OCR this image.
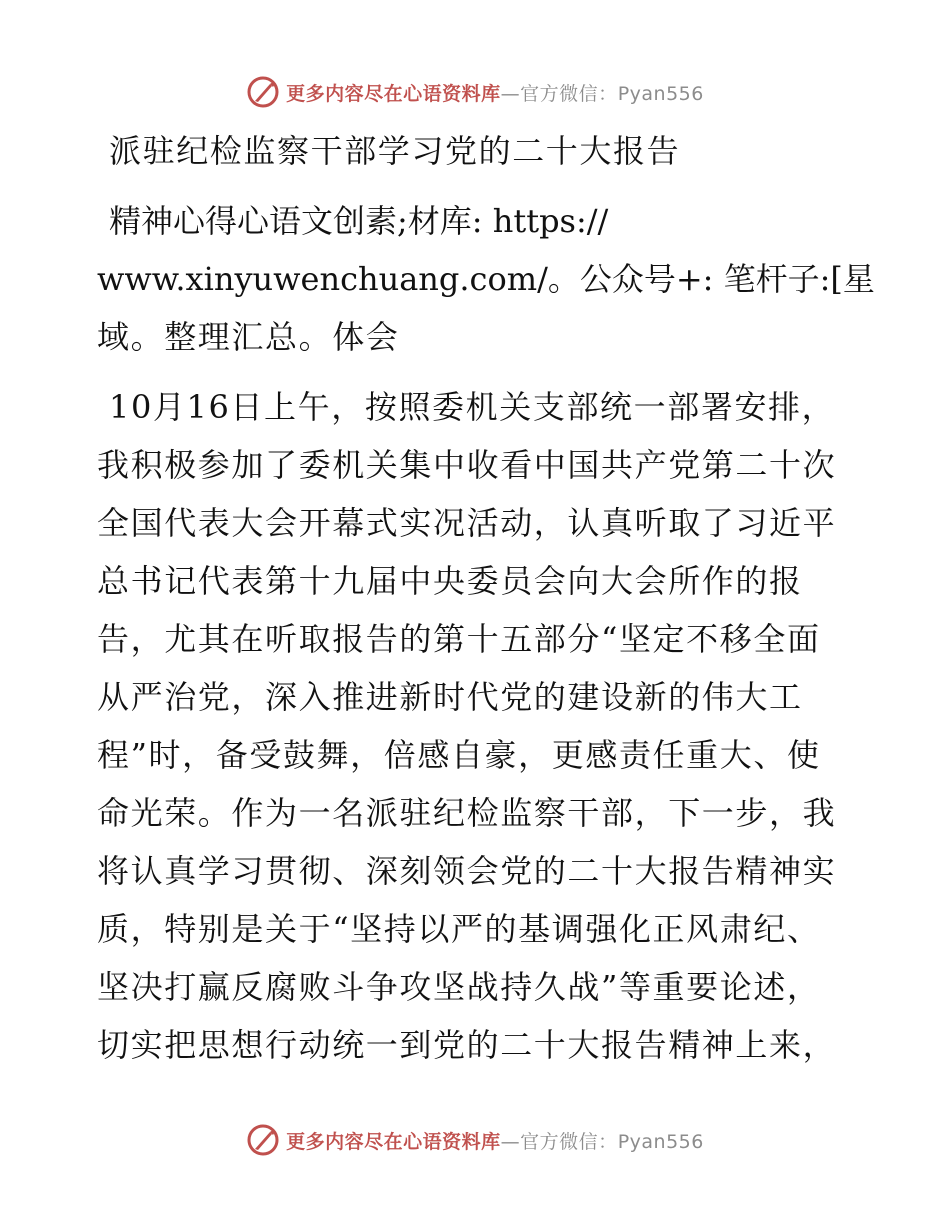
更多内容尽在心语资料库—官方微信：Pyan556
派驻纪检监察干部学习党的二十大报告
精神心得心语文创素;材库: https://
www.xinyuwenchuang.com/。公众号+: 笔杆子:[星
域。整理汇总。体会
10月16日上午，按照委机关支部统一部署安排，
我积极参加了委机关集中收看中国共产党第二十次
全国代表大会开幕式实况活动，认真听取了习近平
总书记代表第十九届中央委员会向大会所作的报
告，尤其在听取报告的第十五部分“坚定不移全面
从严治党，深入推进新时代党的建设新的伟大工
程”时，备受鼓舞，倍感自豪，更感责任重大、使
命光荣。作为一名派驻纪检监察干部，下一步，我
将认真学习贯彻、深刻领会党的二十大报告精神实
质，特别是关于“坚持以严的基调强化正风肃纪、
坚决打赢反腐败斗争攻坚战持久战”等重要论述，
切实把思想行动统一到党的二十大报告精神上来，
更多内容尽在心语资料库—官方微信：Pyan556
